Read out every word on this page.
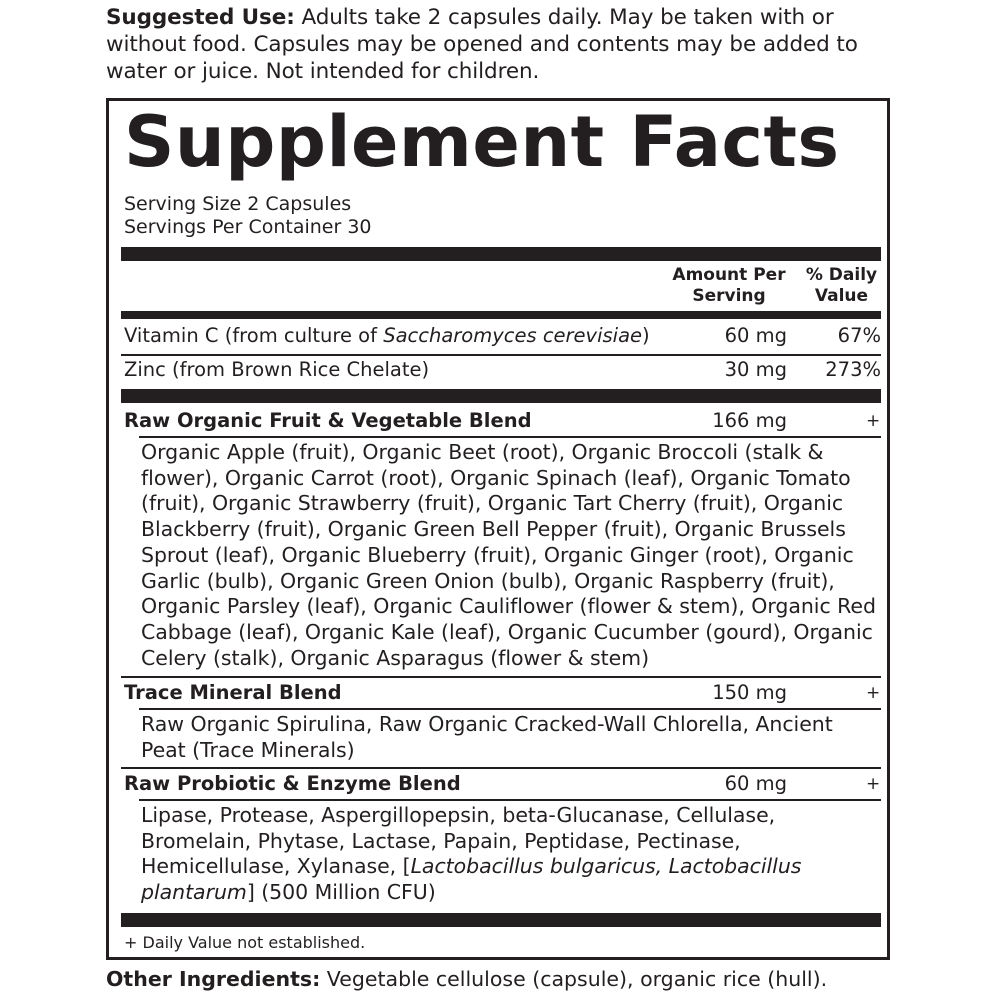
Suggested Use: Adults take 2 capsules daily. May be taken with or without food. Capsules may be opened and contents may be added to water or juice. Not intended for children.
Supplement Facts
Serving Size 2 Capsules
Servings Per Container 30
Amount Per
Serving
% Daily
Value
Vitamin C (from culture of Saccharomyces cerevisiae)	60 mg	67%
Zinc (from Brown Rice Chelate)	30 mg	273%
Raw Organic Fruit & Vegetable Blend	166 mg	+
Organic Apple (fruit), Organic Beet (root), Organic Broccoli (stalk & flower), Organic Carrot (root), Organic Spinach (leaf), Organic Tomato (fruit), Organic Strawberry (fruit), Organic Tart Cherry (fruit), Organic Blackberry (fruit), Organic Green Bell Pepper (fruit), Organic Brussels Sprout (leaf), Organic Blueberry (fruit), Organic Ginger (root), Organic Garlic (bulb), Organic Green Onion (bulb), Organic Raspberry (fruit), Organic Parsley (leaf), Organic Cauliflower (flower & stem), Organic Red Cabbage (leaf), Organic Kale (leaf), Organic Cucumber (gourd), Organic Celery (stalk), Organic Asparagus (flower & stem)
Trace Mineral Blend	150 mg	+
Raw Organic Spirulina, Raw Organic Cracked-Wall Chlorella, Ancient Peat (Trace Minerals)
Raw Probiotic & Enzyme Blend	60 mg	+
Lipase, Protease, Aspergillopepsin, beta-Glucanase, Cellulase, Bromelain, Phytase, Lactase, Papain, Peptidase, Pectinase, Hemicellulase, Xylanase, [Lactobacillus bulgaricus, Lactobacillus plantarum] (500 Million CFU)
+ Daily Value not established.
Other Ingredients: Vegetable cellulose (capsule), organic rice (hull).
